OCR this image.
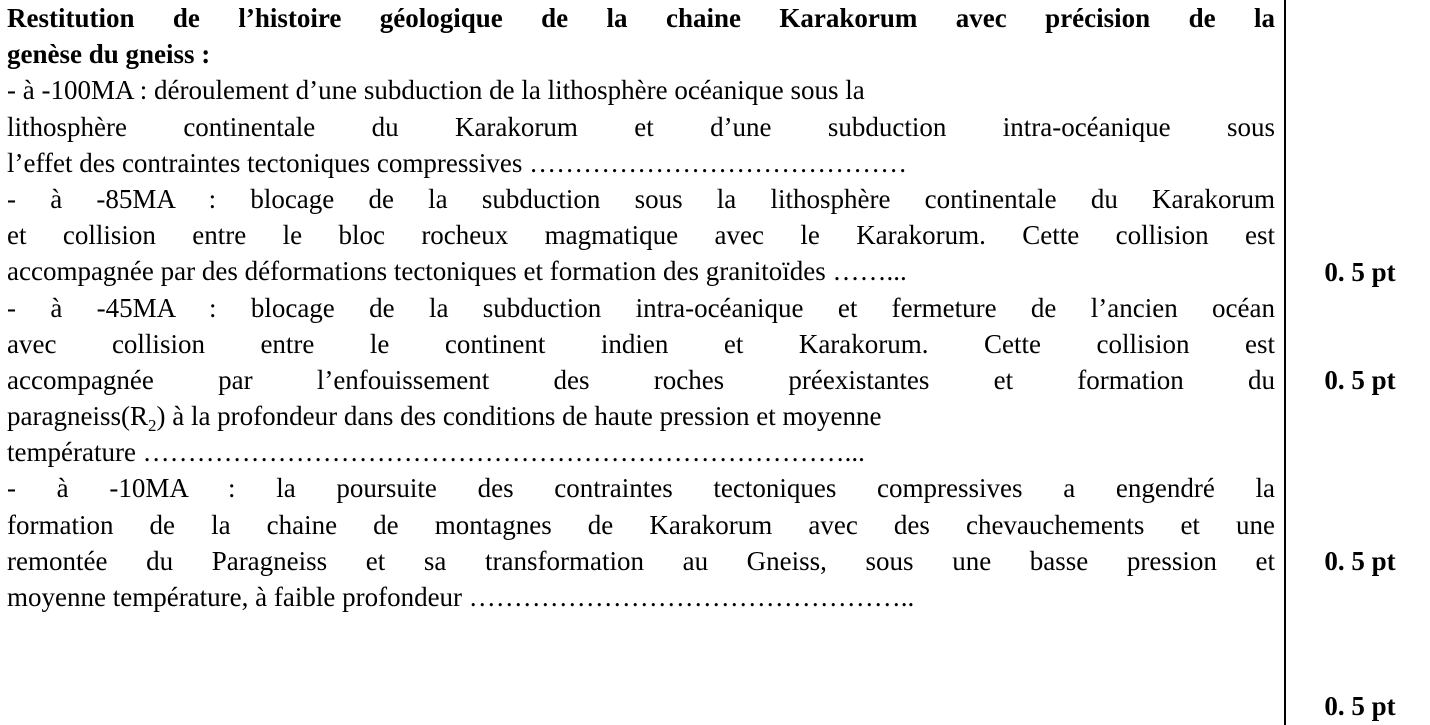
Restitution de l’histoire géologique de la chaine Karakorum avec précision de la
genèse du gneiss :
- à -100MA : déroulement d’une subduction de la lithosphère océanique sous la
lithosphère continentale du Karakorum et d’une subduction intra-océanique sous
l’effet des contraintes tectoniques compressives ……………………………………
- à -85MA : blocage de la subduction sous la lithosphère continentale du Karakorum
et collision entre le bloc rocheux magmatique avec le Karakorum. Cette collision est
accompagnée par des déformations tectoniques et formation des granitoïdes ……...
- à -45MA : blocage de la subduction intra-océanique et fermeture de l’ancien océan
avec collision entre le continent indien et Karakorum. Cette collision est
accompagnée par l’enfouissement des roches préexistantes et formation du
$paragneiss(R_2)$ à la profondeur dans des conditions de haute pression et moyenne
température ……………………………………………………………………...
- à -10MA : la poursuite des contraintes tectoniques compressives a engendré la
formation de la chaine de montagnes de Karakorum avec des chevauchements et une
remontée du Paragneiss et sa transformation au Gneiss, sous une basse pression et
moyenne température, à faible profondeur …………………………………………..
0. 5 pt
0. 5 pt
0. 5 pt
0. 5 pt
